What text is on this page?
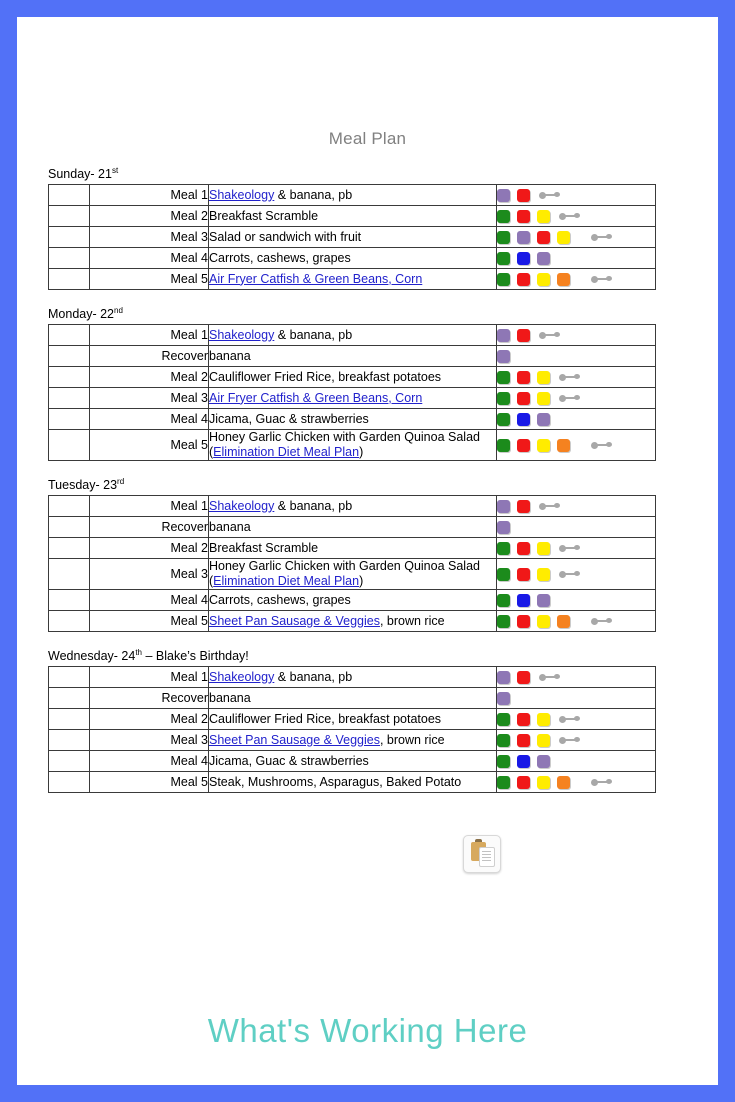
Meal Plan
Sunday- 21st
	Meal 1	Shakeology & banana, pb	

	Meal 2	Breakfast Scramble	

	Meal 3	Salad or sandwich with fruit	

	Meal 4	Carrots, cashews, grapes	

	Meal 5	Air Fryer Catfish & Green Beans, Corn	
Monday- 22nd
	Meal 1	Shakeology & banana, pb	

	Recover	banana	

	Meal 2	Cauliflower Fried Rice, breakfast potatoes	

	Meal 3	Air Fryer Catfish & Green Beans, Corn	

	Meal 4	Jicama, Guac & strawberries	

	Meal 5	Honey Garlic Chicken with Garden Quinoa Salad (Elimination Diet Meal Plan)	
Tuesday- 23rd
	Meal 1	Shakeology & banana, pb	

	Recover	banana	

	Meal 2	Breakfast Scramble	

	Meal 3	Honey Garlic Chicken with Garden Quinoa Salad (Elimination Diet Meal Plan)	

	Meal 4	Carrots, cashews, grapes	

	Meal 5	Sheet Pan Sausage & Veggies, brown rice	
Wednesday- 24th – Blake’s Birthday!
	Meal 1	Shakeology & banana, pb	

	Recover	banana	

	Meal 2	Cauliflower Fried Rice, breakfast potatoes	

	Meal 3	Sheet Pan Sausage & Veggies, brown rice	

	Meal 4	Jicama, Guac & strawberries	

	Meal 5	Steak, Mushrooms, Asparagus, Baked Potato	
What's Working Here
